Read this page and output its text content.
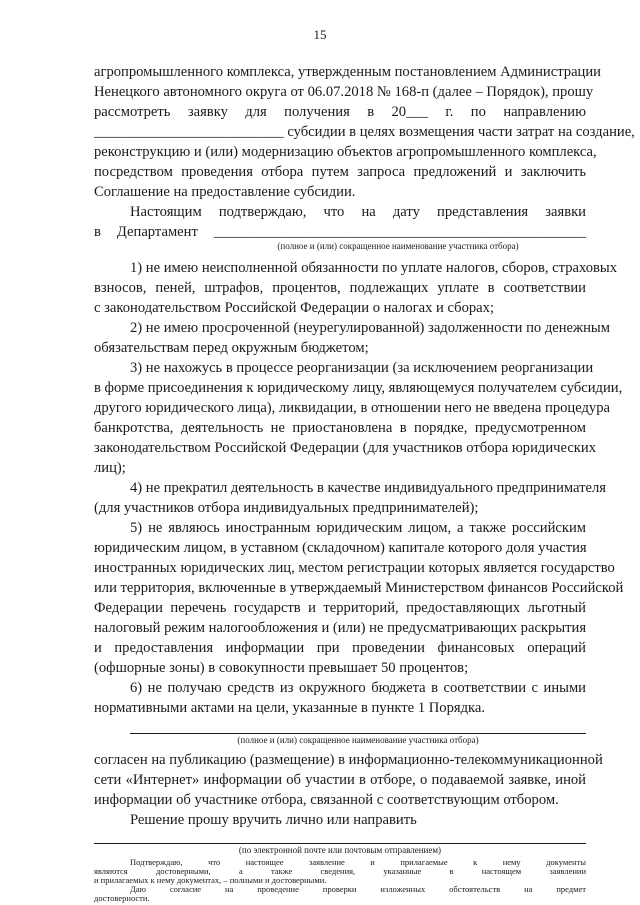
15
агропромышленного комплекса, утвержденным постановлением Администрации
Ненецкого автономного округа от 06.07.2018 № 168-п (далее – Порядок), прошу
рассмотреть заявку для получения в 20___ г. по направлению
__________________________ субсидии в целях возмещения части затрат на создание,
реконструкцию и (или) модернизацию объектов агропромышленного комплекса,
посредством проведения отбора путем запроса предложений и заключить
Соглашение на предоставление субсидии.
Настоящим подтверждаю, что на дату представления заявки
в Департамент ___________________________________________________
(полное и (или) сокращенное наименование участника отбора)
1) не имею неисполненной обязанности по уплате налогов, сборов, страховых
взносов, пеней, штрафов, процентов, подлежащих уплате в соответствии
с законодательством Российской Федерации о налогах и сборах;
2) не имею просроченной (неурегулированной) задолженности по денежным
обязательствам перед окружным бюджетом;
3) не нахожусь в процессе реорганизации (за исключением реорганизации
в форме присоединения к юридическому лицу, являющемуся получателем субсидии,
другого юридического лица), ликвидации, в отношении него не введена процедура
банкротства, деятельность не приостановлена в порядке, предусмотренном
законодательством Российской Федерации (для участников отбора юридических
лиц);
4) не прекратил деятельность в качестве индивидуального предпринимателя
(для участников отбора индивидуальных предпринимателей);
5) не являюсь иностранным юридическим лицом, а также российским
юридическим лицом, в уставном (складочном) капитале которого доля участия
иностранных юридических лиц, местом регистрации которых является государство
или территория, включенные в утверждаемый Министерством финансов Российской
Федерации перечень государств и территорий, предоставляющих льготный
налоговый режим налогообложения и (или) не предусматривающих раскрытия
и предоставления информации при проведении финансовых операций
(офшорные зоны) в совокупности превышает 50 процентов;
6) не получаю средств из окружного бюджета в соответствии с иными
нормативными актами на цели, указанные в пункте 1 Порядка.
(полное и (или) сокращенное наименование участника отбора)
согласен на публикацию (размещение) в информационно-телекоммуникационной
сети «Интернет» информации об участии в отборе, о подаваемой заявке, иной
информации об участнике отбора, связанной с соответствующим отбором.
Решение прошу вручить лично или направить
(по электронной почте или почтовым отправлением)
Подтверждаю, что настоящее заявление и прилагаемые к нему документы
являются достоверными, а также сведения, указанные в настоящем заявлении
и прилагаемых к нему документах, – полными и достоверными.
Даю согласие на проведение проверки изложенных обстоятельств на предмет
достоверности.
